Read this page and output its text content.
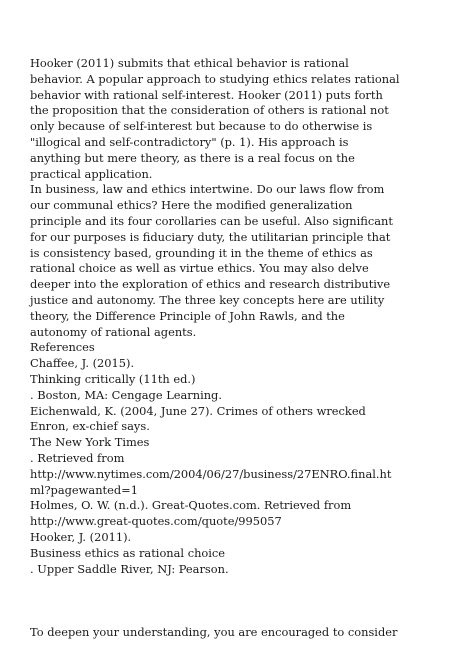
Hooker (2011) submits that ethical behavior is rational
behavior. A popular approach to studying ethics relates rational
behavior with rational self-interest. Hooker (2011) puts forth
the proposition that the consideration of others is rational not
only because of self-interest but because to do otherwise is
"illogical and self-contradictory" (p. 1). His approach is
anything but mere theory, as there is a real focus on the
practical application.
In business, law and ethics intertwine. Do our laws flow from
our communal ethics? Here the modified generalization
principle and its four corollaries can be useful. Also significant
for our purposes is fiduciary duty, the utilitarian principle that
is consistency based, grounding it in the theme of ethics as
rational choice as well as virtue ethics. You may also delve
deeper into the exploration of ethics and research distributive
justice and autonomy. The three key concepts here are utility
theory, the Difference Principle of John Rawls, and the
autonomy of rational agents.
References
Chaffee, J. (2015).
Thinking critically (11th ed.)
. Boston, MA: Cengage Learning.
Eichenwald, K. (2004, June 27). Crimes of others wrecked
Enron, ex-chief says.
The New York Times
. Retrieved from
http://www.nytimes.com/2004/06/27/business/27ENRO.final.ht
ml?pagewanted=1
Holmes, O. W. (n.d.). Great-Quotes.com. Retrieved from
http://www.great-quotes.com/quote/995057
Hooker, J. (2011).
Business ethics as rational choice
. Upper Saddle River, NJ: Pearson.
To deepen your understanding, you are encouraged to consider
